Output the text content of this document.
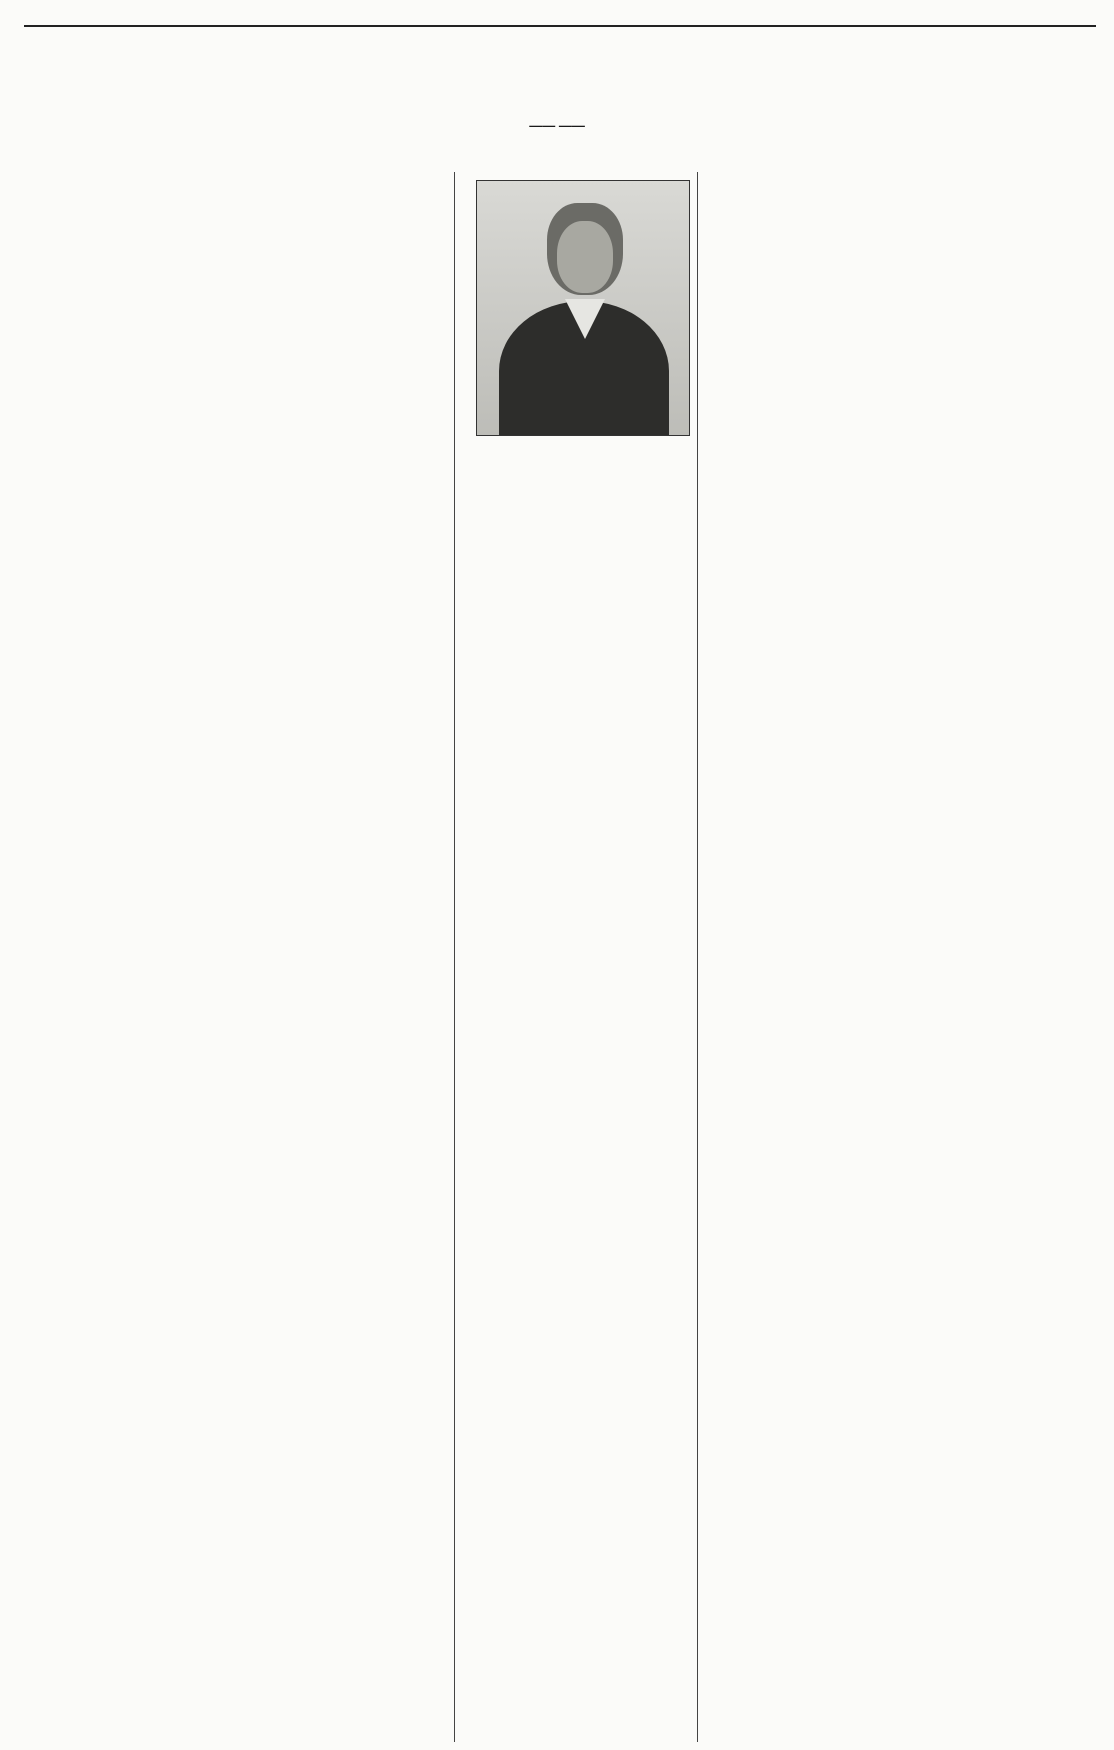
—— ——
